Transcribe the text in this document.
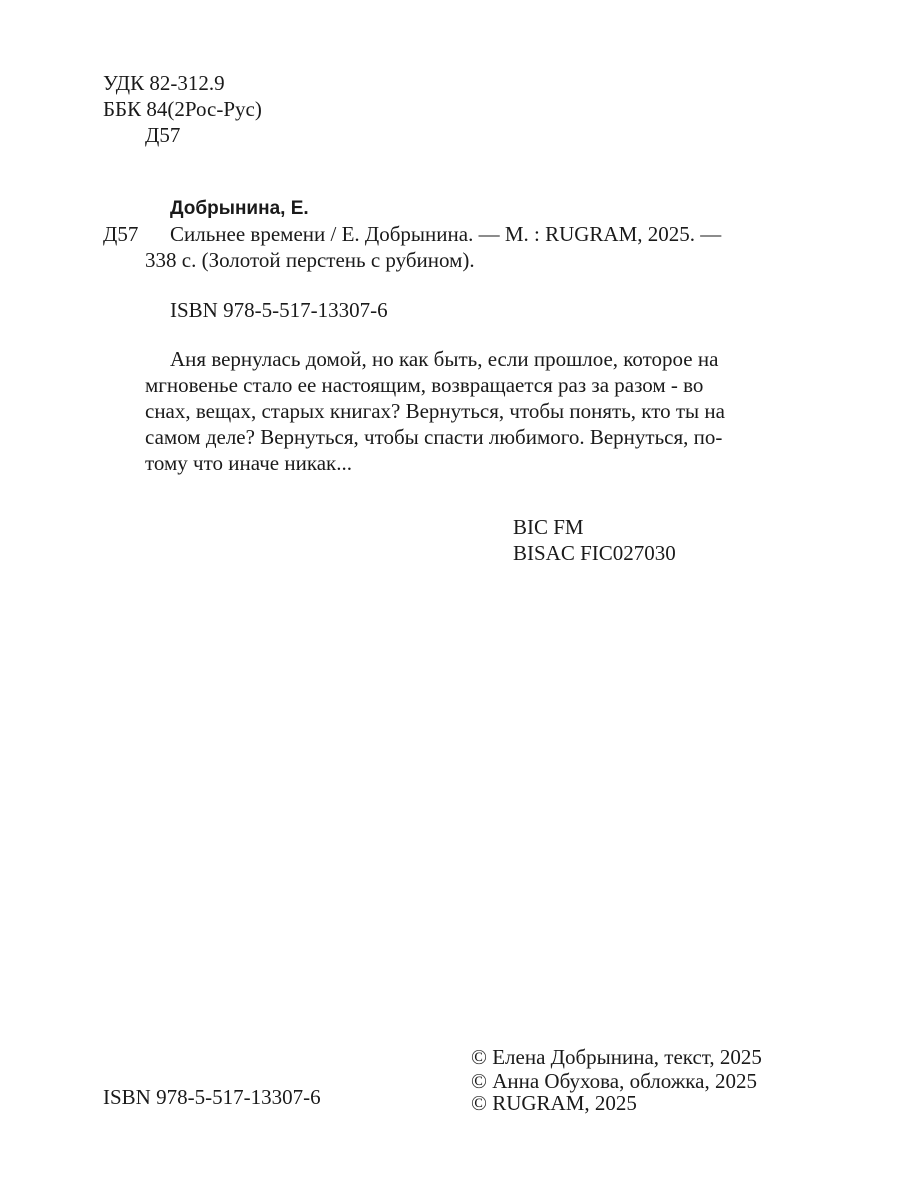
УДК 82-312.9
ББК 84(2Рос-Рус)
Д57
Добрынина, Е.
Д57 Сильнее времени / Е. Добрынина. — М. : RUGRAM, 2025. —
338 с. (Золотой перстень с рубином).
ISBN 978-5-517-13307-6
Аня вернулась домой, но как быть, если прошлое, которое на
мгновенье стало ее настоящим, возвращается раз за разом - во
снах, вещах, старых книгах? Вернуться, чтобы понять, кто ты на
самом деле? Вернуться, чтобы спасти любимого. Вернуться, по-
тому что иначе никак...
BIC FM
BISAC FIC027030
© Елена Добрынина, текст, 2025
© Анна Обухова, обложка, 2025
ISBN 978-5-517-13307-6	© RUGRAM, 2025
